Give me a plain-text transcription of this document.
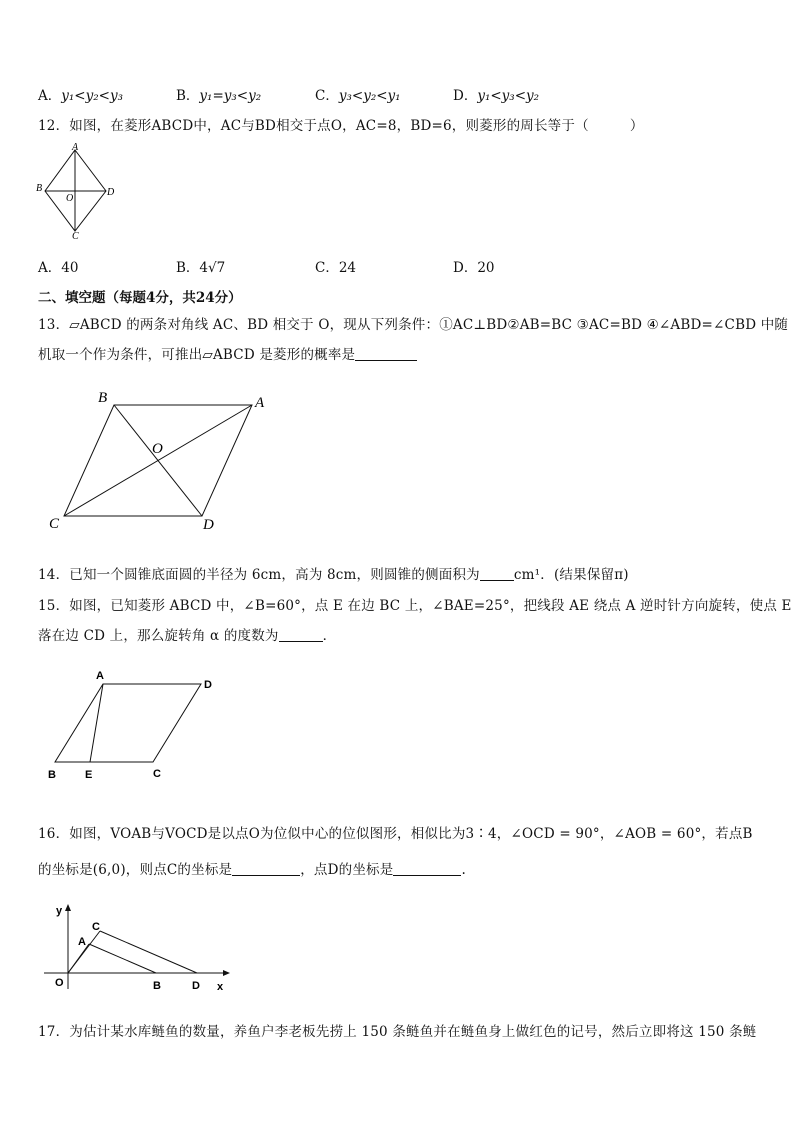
A．y₁<y₂<y₃	B．y₁=y₃<y₂	C．y₃<y₂<y₁	D．y₁<y₃<y₂
12．如图，在菱形ABCD中，AC与BD相交于点O，AC=8，BD=6，则菱形的周长等于（　　　）
A
B	D
C
O
A．40	B．4√7	C．24	D．20
二、填空题（每题4分，共24分）
13．▱ABCD 的两条对角线 AC、BD 相交于 O，现从下列条件：①AC⊥BD②AB=BC ③AC=BD ④∠ABD=∠CBD 中随
机取一个作为条件，可推出▱ABCD 是菱形的概率是
B	A
C	D
O
14．已知一个圆锥底面圆的半径为 6cm，高为 8cm，则圆锥的侧面积为	cm¹．(结果保留π)
15．如图，已知菱形 ABCD 中，∠B=60°，点 E 在边 BC 上，∠BAE=25°，把线段 AE 绕点 A 逆时针方向旋转，使点 E
落在边 CD 上，那么旋转角 α 的度数为	．
A
D
B	E	C
16．如图，VOAB与VOCD是以点O为位似中心的位似图形，相似比为3∶4，∠OCD = 90°，∠AOB = 60°，若点B
的坐标是(6,0)，则点C的坐标是	，点D的坐标是	.
y
x
O
A
C
B	D
17．为估计某水库鲢鱼的数量，养鱼户李老板先捞上 150 条鲢鱼并在鲢鱼身上做红色的记号，然后立即将这 150 条鲢
